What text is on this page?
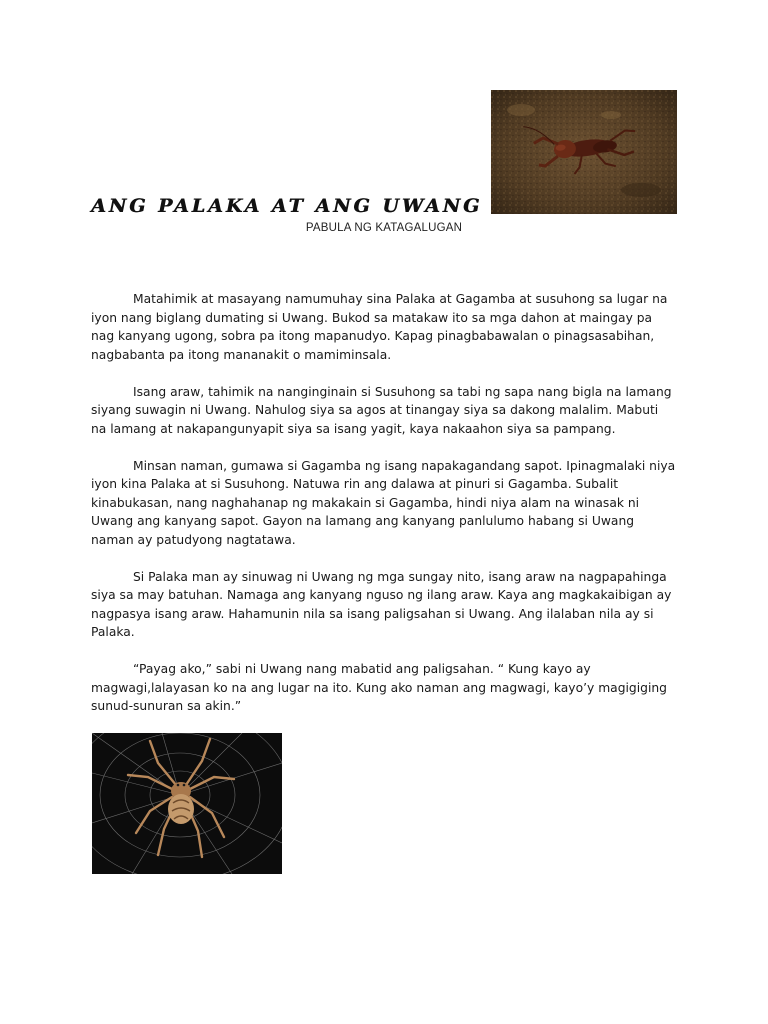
ANG PALAKA AT ANG UWANG
PABULA NG KATAGALUGAN

Matahimik at masayang namumuhay sina Palaka at Gagamba at susuhong sa lugar na iyon nang biglang dumating si Uwang. Bukod sa matakaw ito sa mga dahon at maingay pa nag kanyang ugong, sobra pa itong mapanudyo. Kapag pinagbabawalan o pinagsasabihan, nagbabanta pa itong mananakit o mamiminsala.

Isang araw, tahimik na nanginginain si Susuhong sa tabi ng sapa nang bigla na lamang siyang suwagin ni Uwang. Nahulog siya sa agos at tinangay siya sa dakong malalim. Mabuti na lamang at nakapangunyapit siya sa isang yagit, kaya nakaahon siya sa pampang.

Minsan naman, gumawa si Gagamba ng isang napakagandang sapot. Ipinagmalaki niya iyon kina Palaka at si Susuhong. Natuwa rin ang dalawa at pinuri si Gagamba. Subalit kinabukasan, nang naghahanap ng makakain si Gagamba, hindi niya alam na winasak ni Uwang ang kanyang sapot. Gayon na lamang ang kanyang panlulumo habang si Uwang naman ay patudyong nagtatawa.

Si Palaka man ay sinuwag ni Uwang ng mga sungay nito, isang araw na nagpapahinga siya sa may batuhan. Namaga ang kanyang nguso ng ilang araw. Kaya ang magkakaibigan ay nagpasya isang araw. Hahamunin nila sa isang paligsahan si Uwang. Ang ilalaban nila ay si Palaka.

“Payag ako,” sabi ni Uwang nang mabatid ang paligsahan. “ Kung kayo ay magwagi,lalayasan ko na ang lugar na ito. Kung ako naman ang magwagi, kayo’y magigiging sunud-sunuran sa akin.”
